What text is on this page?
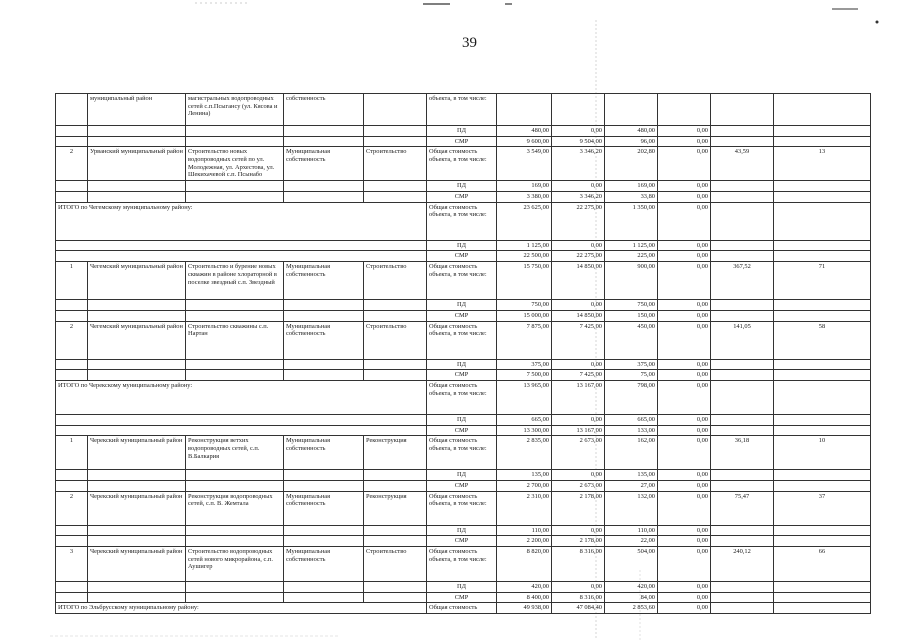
39
	муниципальный район	магистральных водопроводных сетей с.п.Псыгансу (ул. Кясова и Ленина)	собственность		объекта, в том числе:						
					ПД	480,00	0,00	480,00	0,00		
					СМР	9 600,00	9 504,00	96,00	0,00		
2	Урванский муниципальный район	Строительство новых водопроводных сетей по ул. Молодежная, ул. Архестова, ул. Шекихачевой с.п. Псынабо	Муниципальная собственность	Строительство	Общая стоимость объекта, в том числе:	3 549,00	3 346,20	202,80	0,00	43,59	13
					ПД	169,00	0,00	169,00	0,00		
					СМР	3 380,00	3 346,20	33,80	0,00		
ИТОГО по Чегемскому муниципальному району:					Общая стоимость объекта, в том числе:	23 625,00	22 275,00	1 350,00	0,00		
					ПД	1 125,00	0,00	1 125,00	0,00		
					СМР	22 500,00	22 275,00	225,00	0,00		
1	Чегемский муниципальный район	Строительство и бурение новых скважин в районе хлораторной в поселке звездный с.п. Звездный	Муниципальная собственность	Строительство	Общая стоимость объекта, в том числе:	15 750,00	14 850,00	900,00	0,00	367,52	71
					ПД	750,00	0,00	750,00	0,00		
					СМР	15 000,00	14 850,00	150,00	0,00		
2	Чегемский муниципальный район	Строительство скважины с.п. Нартан	Муниципальная собственность	Строительство	Общая стоимость объекта, в том числе:	7 875,00	7 425,00	450,00	0,00	141,05	58
					ПД	375,00	0,00	375,00	0,00		
					СМР	7 500,00	7 425,00	75,00	0,00		
ИТОГО по Черекскому муниципальному району:					Общая стоимость объекта, в том числе:	13 965,00	13 167,00	798,00	0,00		
					ПД	665,00	0,00	665,00	0,00		
					СМР	13 300,00	13 167,00	133,00	0,00		
1	Черекский муниципальный район	Реконструкция ветхих водопроводных сетей, с.п. В.Балкария	Муниципальная собственность	Реконструкция	Общая стоимость объекта, в том числе:	2 835,00	2 673,00	162,00	0,00	36,18	10
					ПД	135,00	0,00	135,00	0,00		
					СМР	2 700,00	2 673,00	27,00	0,00		
2	Черекский муниципальный район	Реконструкция водопроводных сетей, с.п. В. Жемтала	Муниципальная собственность	Реконструкция	Общая стоимость объекта, в том числе:	2 310,00	2 178,00	132,00	0,00	75,47	37
					ПД	110,00	0,00	110,00	0,00		
					СМР	2 200,00	2 178,00	22,00	0,00		
3	Черекский муниципальный район	Строительство водопроводных сетей нового микрорайона, с.п. Аушигер	Муниципальная собственность	Строительство	Общая стоимость объекта, в том числе:	8 820,00	8 316,00	504,00	0,00	240,12	66
					ПД	420,00	0,00	420,00	0,00		
					СМР	8 400,00	8 316,00	84,00	0,00		
ИТОГО по Эльбрусскому муниципальному району:					Общая стоимость	49 938,00	47 084,40	2 853,60	0,00		
